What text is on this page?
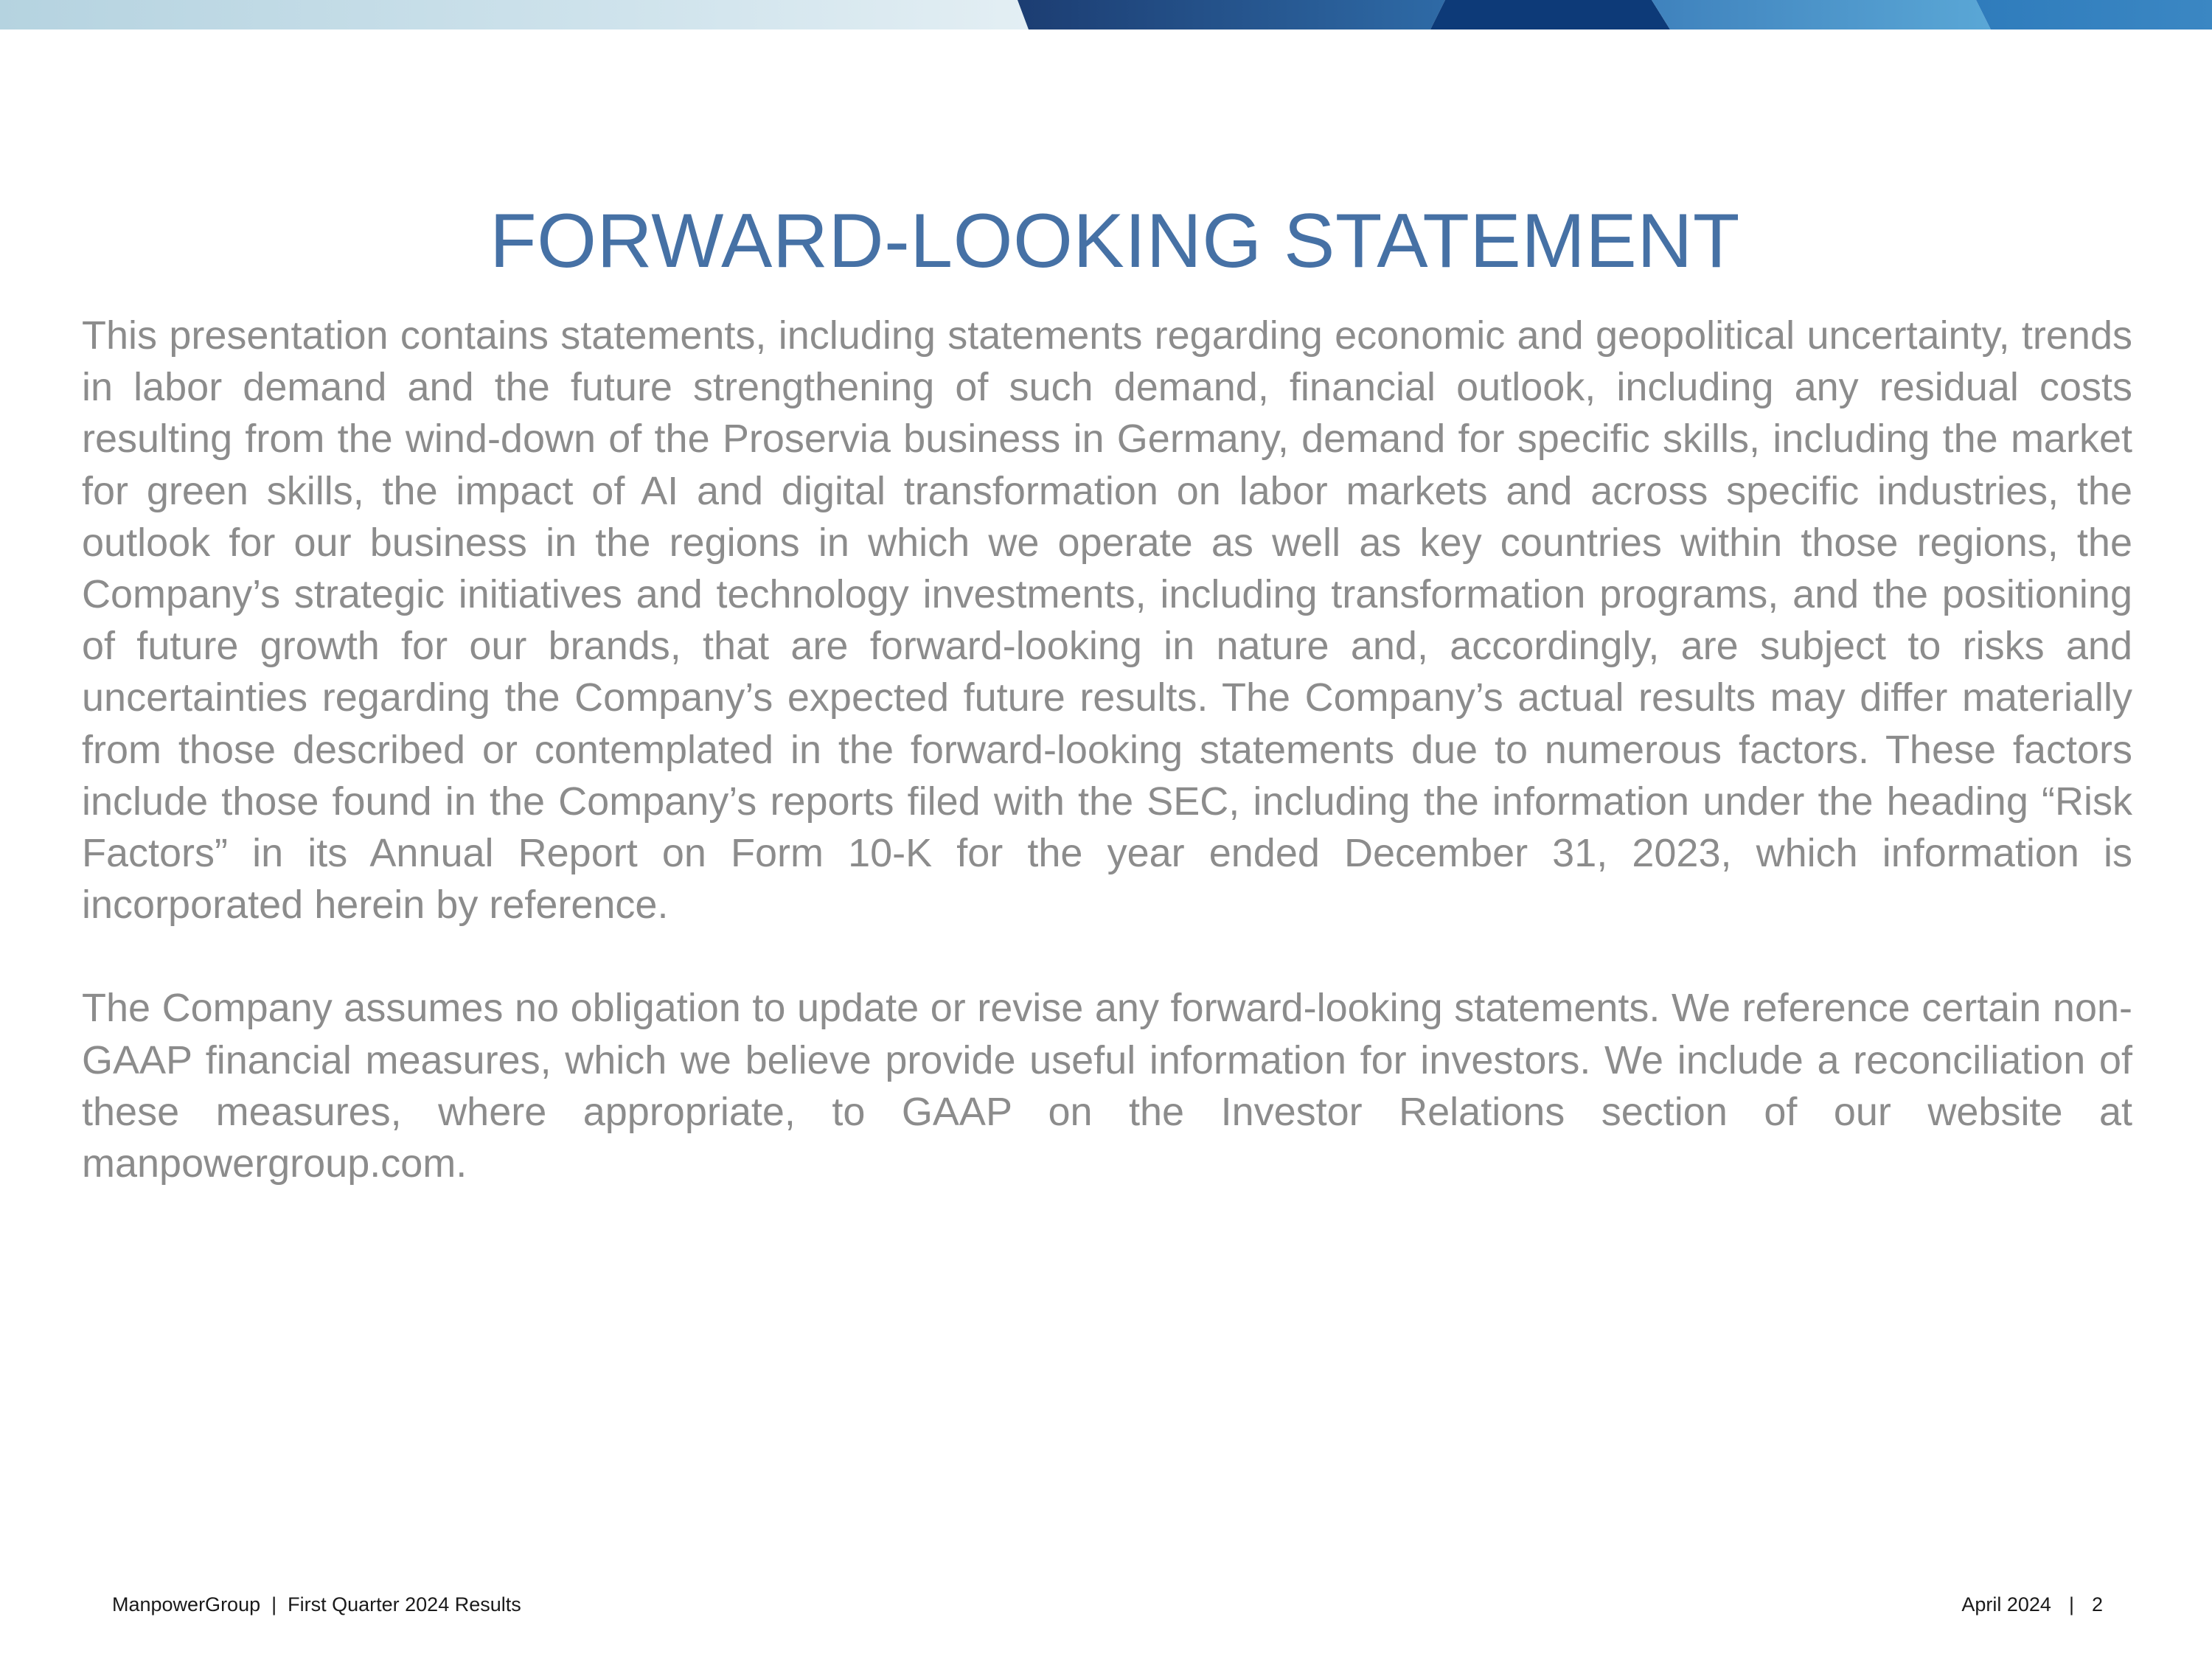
FORWARD-LOOKING STATEMENT

This presentation contains statements, including statements regarding economic and geopolitical uncertainty, trends in labor demand and the future strengthening of such demand, financial outlook, including any residual costs resulting from the wind-down of the Proservia business in Germany, demand for specific skills, including the market for green skills, the impact of AI and digital transformation on labor markets and across specific industries, the outlook for our business in the regions in which we operate as well as key countries within those regions, the Company’s strategic initiatives and technology investments, including transformation programs, and the positioning of future growth for our brands, that are forward-looking in nature and, accordingly, are subject to risks and uncertainties regarding the Company’s expected future results. The Company’s actual results may differ materially from those described or contemplated in the forward-looking statements due to numerous factors. These factors include those found in the Company’s reports filed with the SEC, including the information under the heading “Risk Factors” in its Annual Report on Form 10-K for the year ended December 31, 2023, which information is incorporated herein by reference.

The Company assumes no obligation to update or revise any forward-looking statements. We reference certain non-GAAP financial measures, which we believe provide useful information for investors. We include a reconciliation of these measures, where appropriate, to GAAP on the Investor Relations section of our website at manpowergroup.com.

ManpowerGroup  |  First Quarter 2024 Results	April 2024 | 2
